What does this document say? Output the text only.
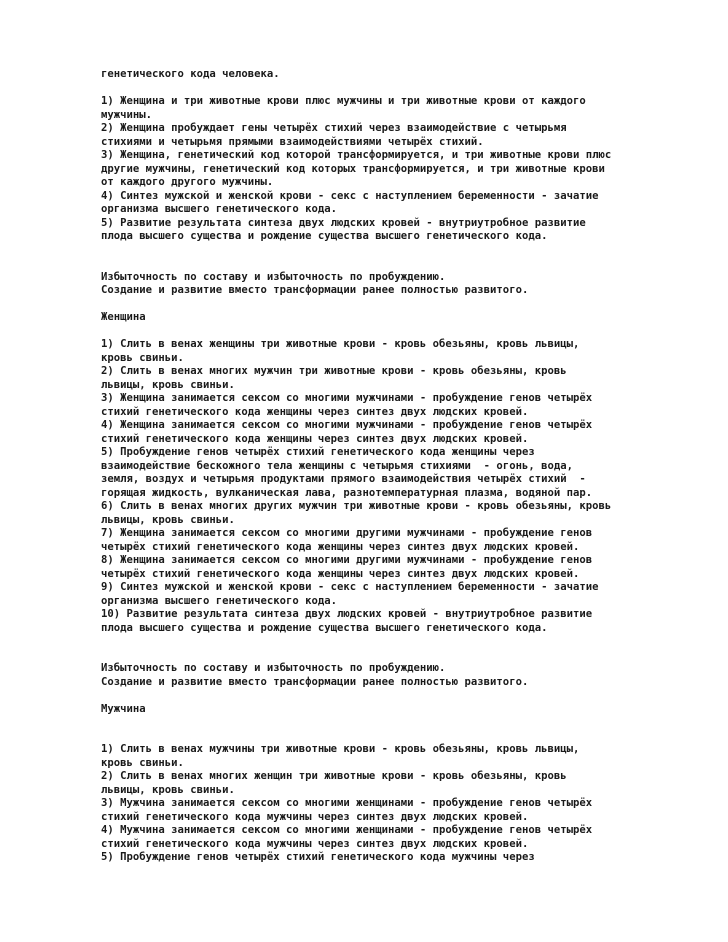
генетического кода человека.
1) Женщина и три животные крови плюс мужчины и три животные крови от каждого
мужчины.
2) Женщина пробуждает гены четырёх стихий через взаимодействие с четырьмя
стихиями и четырьмя прямыми взаимодействиями четырёх стихий.
3) Женщина, генетический код которой трансформируется, и три животные крови плюс
другие мужчины, генетический код которых трансформируется, и три животные крови
от каждого другого мужчины.
4) Синтез мужской и женской крови - секс с наступлением беременности - зачатие
организма высшего генетического кода.
5) Развитие результата синтеза двух людских кровей - внутриутробное развитие
плода высшего существа и рождение существа высшего генетического кода.
Избыточность по составу и избыточность по пробуждению.
Создание и развитие вместо трансформации ранее полностью развитого.
Женщина
1) Слить в венах женщины три животные крови - кровь обезьяны, кровь львицы,
кровь свиньи.
2) Слить в венах многих мужчин три животные крови - кровь обезьяны, кровь
львицы, кровь свиньи.
3) Женщина занимается сексом со многими мужчинами - пробуждение генов четырёх
стихий генетического кода женщины через синтез двух людских кровей.
4) Женщина занимается сексом со многими мужчинами - пробуждение генов четырёх
стихий генетического кода женщины через синтез двух людских кровей.
5) Пробуждение генов четырёх стихий генетического кода женщины через
взаимодействие бескожного тела женщины с четырьмя стихиями  - огонь, вода,
земля, воздух и четырьмя продуктами прямого взаимодействия четырёх стихий  -
горящая жидкость, вулканическая лава, разнотемпературная плазма, водяной пар.
6) Слить в венах многих других мужчин три животные крови - кровь обезьяны, кровь
львицы, кровь свиньи.
7) Женщина занимается сексом со многими другими мужчинами - пробуждение генов
четырёх стихий генетического кода женщины через синтез двух людских кровей.
8) Женщина занимается сексом со многими другими мужчинами - пробуждение генов
четырёх стихий генетического кода женщины через синтез двух людских кровей.
9) Синтез мужской и женской крови - секс с наступлением беременности - зачатие
организма высшего генетического кода.
10) Развитие результата синтеза двух людских кровей - внутриутробное развитие
плода высшего существа и рождение существа высшего генетического кода.
Избыточность по составу и избыточность по пробуждению.
Создание и развитие вместо трансформации ранее полностью развитого.
Мужчина
1) Слить в венах мужчины три животные крови - кровь обезьяны, кровь львицы,
кровь свиньи.
2) Слить в венах многих женщин три животные крови - кровь обезьяны, кровь
львицы, кровь свиньи.
3) Мужчина занимается сексом со многими женщинами - пробуждение генов четырёх
стихий генетического кода мужчины через синтез двух людских кровей.
4) Мужчина занимается сексом со многими женщинами - пробуждение генов четырёх
стихий генетического кода мужчины через синтез двух людских кровей.
5) Пробуждение генов четырёх стихий генетического кода мужчины через
